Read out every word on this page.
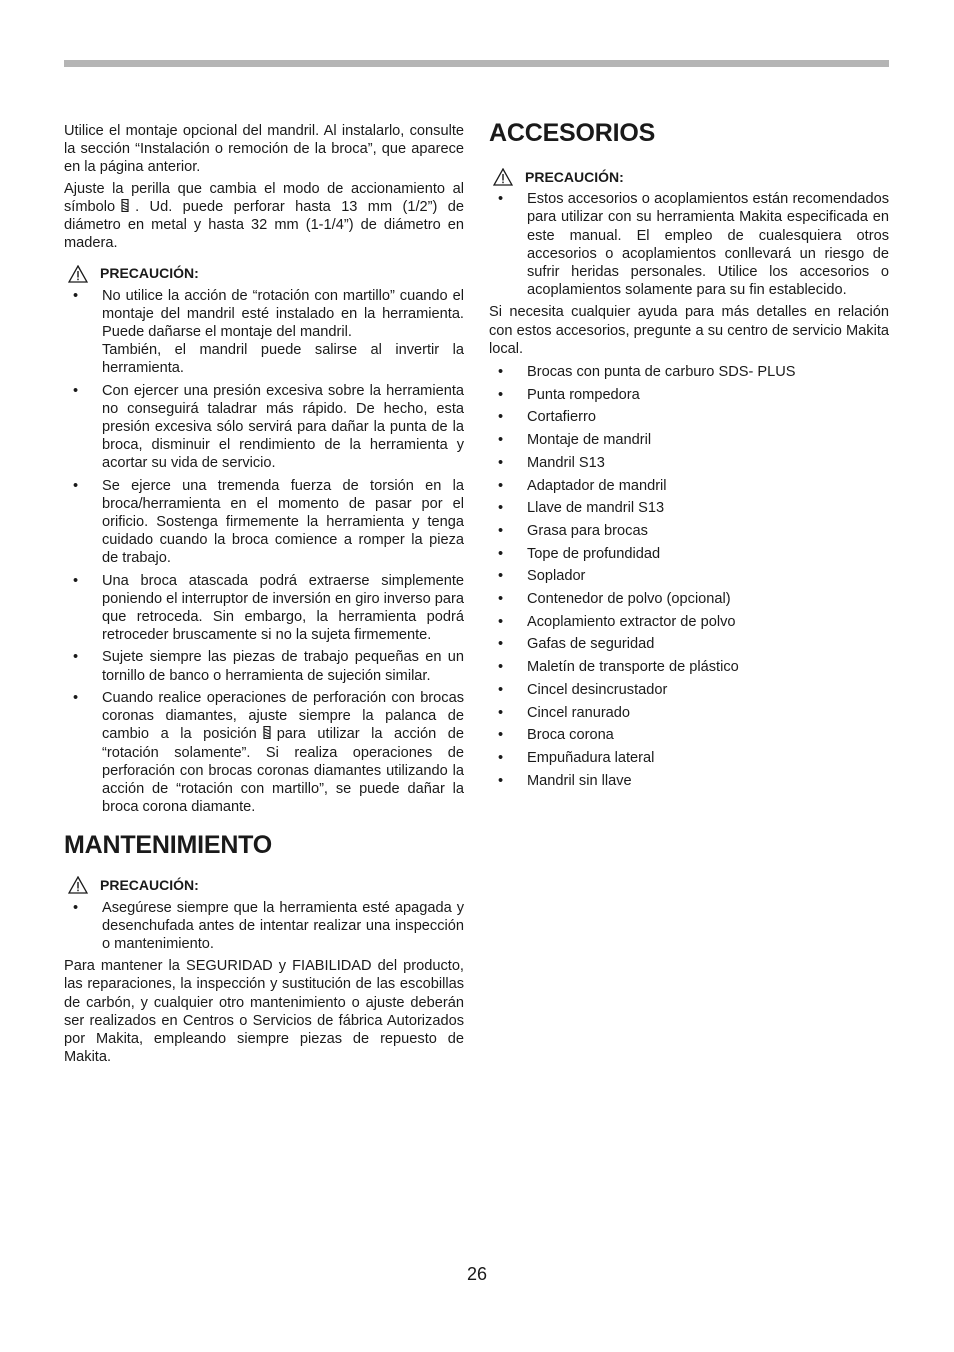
Utilice el montaje opcional del mandril. Al instalarlo, consulte la sección “Instalación o remoción de la broca”, que aparece en la página anterior.

Ajuste la perilla que cambia el modo de accionamiento al símbolo . Ud. puede perforar hasta 13 mm (1/2”) de diámetro en metal y hasta 32 mm (1-1/4”) de diámetro en madera.

PRECAUCIÓN:
• No utilice la acción de “rotación con martillo” cuando el montaje del mandril esté instalado en la herramienta. Puede dañarse el montaje del mandril.
También, el mandril puede salirse al invertir la herramienta.
• Con ejercer una presión excesiva sobre la herramienta no conseguirá taladrar más rápido. De hecho, esta presión excesiva sólo servirá para dañar la punta de la broca, disminuir el rendimiento de la herramienta y acortar su vida de servicio.
• Se ejerce una tremenda fuerza de torsión en la broca/herramienta en el momento de pasar por el orificio. Sostenga firmemente la herramienta y tenga cuidado cuando la broca comience a romper la pieza de trabajo.
• Una broca atascada podrá extraerse simplemente poniendo el interruptor de inversión en giro inverso para que retroceda. Sin embargo, la herramienta podrá retroceder bruscamente si no la sujeta firmemente.
• Sujete siempre las piezas de trabajo pequeñas en un tornillo de banco o herramienta de sujeción similar.
• Cuando realice operaciones de perforación con brocas coronas diamantes, ajuste siempre la palanca de cambio a la posición para utilizar la acción de “rotación solamente”. Si realiza operaciones de perforación con brocas coronas diamantes utilizando la acción de “rotación con martillo”, se puede dañar la broca corona diamante.
MANTENIMIENTO
PRECAUCIÓN:
• Asegúrese siempre que la herramienta esté apagada y desenchufada antes de intentar realizar una inspección o mantenimiento.

Para mantener la SEGURIDAD y FIABILIDAD del producto, las reparaciones, la inspección y sustitución de las escobillas de carbón, y cualquier otro mantenimiento o ajuste deberán ser realizados en Centros o Servicios de fábrica Autorizados por Makita, empleando siempre piezas de repuesto de Makita.

ACCESORIOS
PRECAUCIÓN:
• Estos accesorios o acoplamientos están recomendados para utilizar con su herramienta Makita especificada en este manual. El empleo de cualesquiera otros accesorios o acoplamientos conllevará un riesgo de sufrir heridas personales. Utilice los accesorios o acoplamientos solamente para su fin establecido.

Si necesita cualquier ayuda para más detalles en relación con estos accesorios, pregunte a su centro de servicio Makita local.

• Brocas con punta de carburo SDS- PLUS
• Punta rompedora
• Cortafierro
• Montaje de mandril
• Mandril S13
• Adaptador de mandril
• Llave de mandril S13
• Grasa para brocas
• Tope de profundidad
• Soplador
• Contenedor de polvo (opcional)
• Acoplamiento extractor de polvo
• Gafas de seguridad
• Maletín de transporte de plástico
• Cincel desincrustador
• Cincel ranurado
• Broca corona
• Empuñadura lateral
• Mandril sin llave
26
